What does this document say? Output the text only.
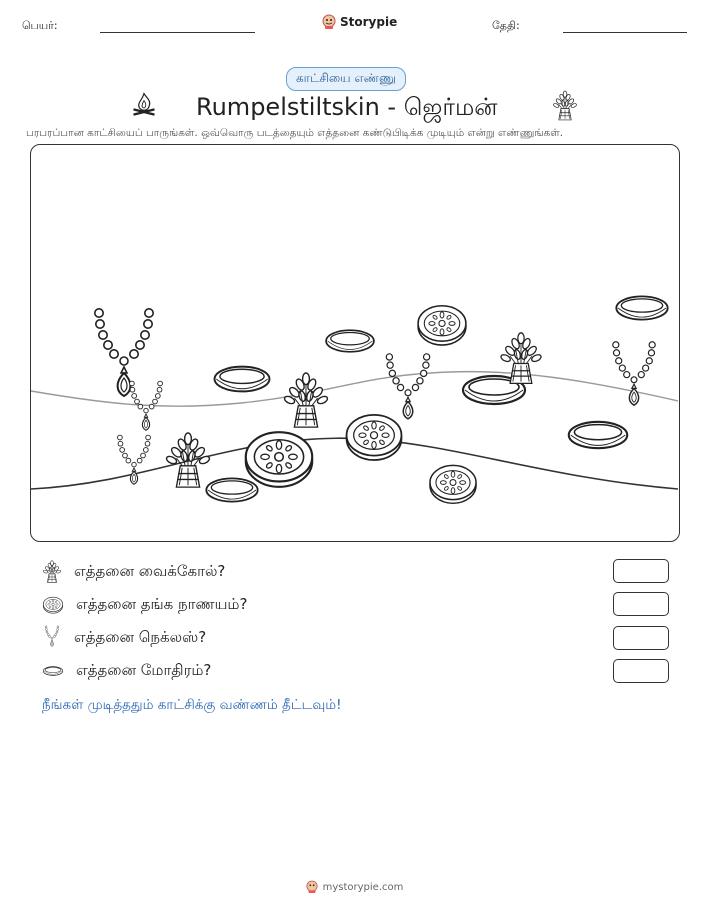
பெயர்:	Storypie	தேதி:
காட்சியை எண்ணு
Rumpelstiltskin - ஜெர்மன்
பரபரப்பான காட்சியைப் பாருங்கள். ஒவ்வொரு படத்தையும் எத்தனை கண்டுபிடிக்க முடியும் என்று எண்ணுங்கள்.
எத்தனை வைக்கோல்?
எத்தனை தங்க நாணயம்?
எத்தனை நெக்லஸ்?
எத்தனை மோதிரம்?
நீங்கள் முடித்ததும் காட்சிக்கு வண்ணம் தீட்டவும்!
mystorypie.com
